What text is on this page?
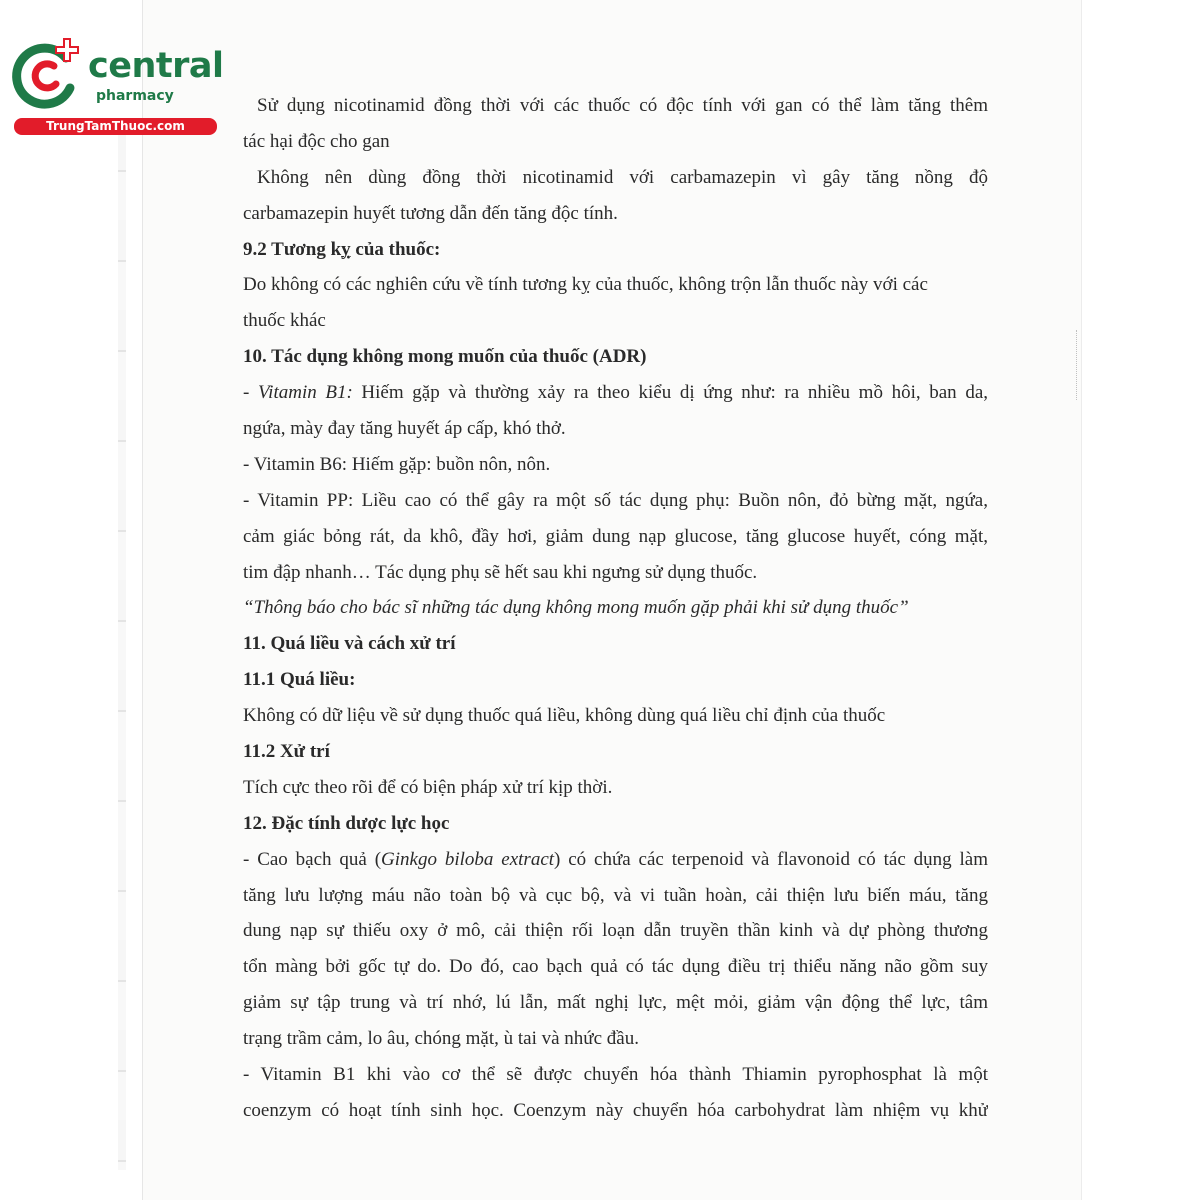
central
pharmacy
TrungTamThuoc.com
Sử dụng nicotinamid đồng thời với các thuốc có độc tính với gan có thể làm tăng thêm
tác hại độc cho gan
Không nên dùng đồng thời nicotinamid với carbamazepin vì gây tăng nồng độ
carbamazepin huyết tương dẫn đến tăng độc tính.
9.2 Tương kỵ của thuốc:
Do không có các nghiên cứu về tính tương kỵ của thuốc, không trộn lẫn thuốc này với các
thuốc khác
10. Tác dụng không mong muốn của thuốc (ADR)
- Vitamin B1: Hiếm gặp và thường xảy ra theo kiểu dị ứng như: ra nhiều mồ hôi, ban da,
ngứa, mày đay tăng huyết áp cấp, khó thở.
- Vitamin B6: Hiếm gặp: buồn nôn, nôn.
- Vitamin PP: Liều cao có thể gây ra một số tác dụng phụ: Buồn nôn, đỏ bừng mặt, ngứa,
cảm giác bỏng rát, da khô, đầy hơi, giảm dung nạp glucose, tăng glucose huyết, cóng mặt,
tim đập nhanh… Tác dụng phụ sẽ hết sau khi ngưng sử dụng thuốc.
“Thông báo cho bác sĩ những tác dụng không mong muốn gặp phải khi sử dụng thuốc”
11. Quá liều và cách xử trí
11.1 Quá liều:
Không có dữ liệu về sử dụng thuốc quá liều, không dùng quá liều chỉ định của thuốc
11.2 Xử trí
Tích cực theo rõi để có biện pháp xử trí kịp thời.
12. Đặc tính dược lực học
- Cao bạch quả (Ginkgo biloba extract) có chứa các terpenoid và flavonoid có tác dụng làm
tăng lưu lượng máu não toàn bộ và cục bộ, và vi tuần hoàn, cải thiện lưu biến máu, tăng
dung nạp sự thiếu oxy ở mô, cải thiện rối loạn dẫn truyền thần kinh và dự phòng thương
tổn màng bởi gốc tự do. Do đó, cao bạch quả có tác dụng điều trị thiểu năng não gồm suy
giảm sự tập trung và trí nhớ, lú lẫn, mất nghị lực, mệt mỏi, giảm vận động thể lực, tâm
trạng trầm cảm, lo âu, chóng mặt, ù tai và nhức đầu.
- Vitamin B1 khi vào cơ thể sẽ được chuyển hóa thành Thiamin pyrophosphat là một
coenzym có hoạt tính sinh học. Coenzym này chuyển hóa carbohydrat làm nhiệm vụ khử
